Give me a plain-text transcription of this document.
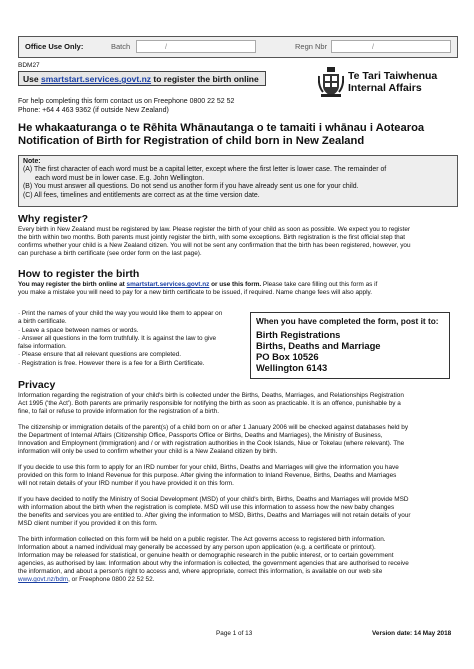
Office Use Only:	Batch	/	Regn Nbr	/
BDM27
Use smartstart.services.govt.nz to register the birth online
For help completing this form contact us on Freephone 0800 22 52 52
Phone: +64 4 463 9362 (if outside New Zealand)
Te Tari Taiwhenua
Internal Affairs
He whakaaturanga o te Rēhita Whānautanga o te tamaiti i whānau i Aotearoa
Notification of Birth for Registration of child born in New Zealand
Note:
(A) The first character of each word must be a capital letter, except where the first letter is lower case. The remainder of
each word must be in lower case. E.g. John Wellington.
(B) You must answer all questions. Do not send us another form if you have already sent us one for your child.
(C) All fees, timelines and entitlements are correct as at the time version date.
Why register?
Every birth in New Zealand must be registered by law. Please register the birth of your child as soon as possible. We expect you to register
the birth within two months. Both parents must jointly register the birth, with some exceptions. Birth registration is the first official step that
confirms whether your child is a New Zealand citizen. You will not be sent any confirmation that the birth has been registered, however, you
can purchase a birth certificate (see order form on the last page).
How to register the birth
You may register the birth online at smartstart.services.govt.nz or use this form. Please take care filling out this form as if
you make a mistake you will need to pay for a new birth certificate to be issued, if required. Name change fees will also apply.
· Print the names of your child the way you would like them to appear on a birth certificate.
· Leave a space between names or words.
· Answer all questions in the form truthfully. It is against the law to give false information.
· Please ensure that all relevant questions are completed.
· Registration is free. However there is a fee for a Birth Certificate.
When you have completed the form, post it to:
Birth Registrations
Births, Deaths and Marriage
PO Box 10526
Wellington 6143
Privacy
Information regarding the registration of your child's birth is collected under the Births, Deaths, Marriages, and Relationships Registration
Act 1995 ('the Act'). Both parents are primarily responsible for notifying the birth as soon as practicable. It is an offence, punishable by a
fine, to fail or refuse to provide information for the registration of a birth.
The citizenship or immigration details of the parent(s) of a child born on or after 1 January 2006 will be checked against databases held by
the Department of Internal Affairs (Citizenship Office, Passports Office or Births, Deaths and Marriages), the Ministry of Business,
Innovation and Employment (Immigration) and / or with registration authorities in the Cook Islands, Niue or Tokelau (where relevant). The
information will only be used to confirm whether your child is a New Zealand citizen by birth.
If you decide to use this form to apply for an IRD number for your child, Births, Deaths and Marriages will give the information you have
provided on this form to Inland Revenue for this purpose. After giving the information to Inland Revenue, Births, Deaths and Marriages
will not retain details of your IRD number if you have provided it on this form.
If you have decided to notify the Ministry of Social Development (MSD) of your child's birth, Births, Deaths and Marriages will provide MSD
with information about the birth when the registration is complete. MSD will use this information to assess how the new baby changes
the benefits and services you are entitled to. After giving the information to MSD, Births, Deaths and Marriages will not retain details of your
MSD client number if you provided it on this form.
The birth information collected on this form will be held on a public register. The Act governs access to registered birth information.
Information about a named individual may generally be accessed by any person upon application (e.g. a certificate or printout).
Information may be released for statistical, or genuine health or demographic research in the public interest, or to certain government
agencies, as authorised by law. Information about why the information is collected, the government agencies that are authorised to receive
the information, and about a person's right to access and, where appropriate, correct this information, is available on our web site
www.govt.nz/bdm, or Freephone 0800 22 52 52.
Page 1 of 13	Version date: 14 May 2018
